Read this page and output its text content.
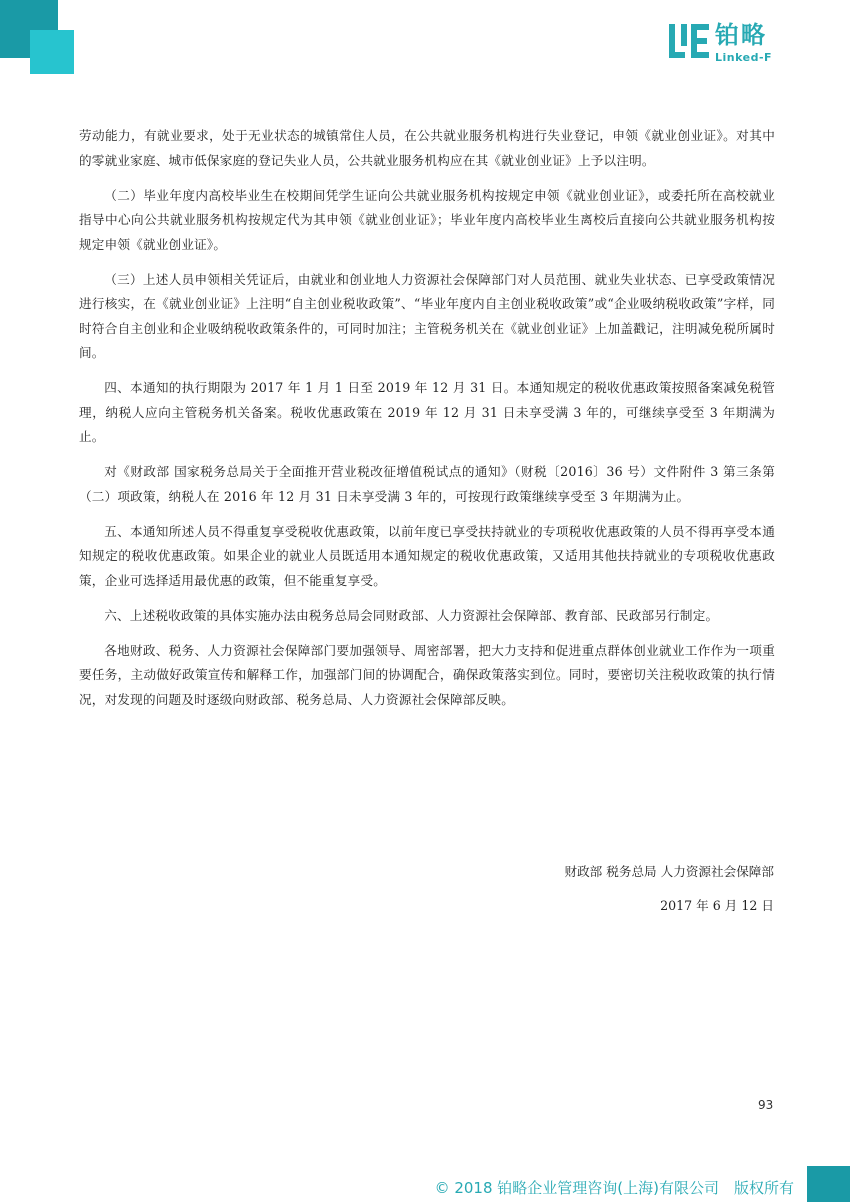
铂略
Linked-F

劳动能力，有就业要求，处于无业状态的城镇常住人员，在公共就业服务机构进行失业登记，申领《就业创业证》。对其中的零就业家庭、城市低保家庭的登记失业人员，公共就业服务机构应在其《就业创业证》上予以注明。

（二）毕业年度内高校毕业生在校期间凭学生证向公共就业服务机构按规定申领《就业创业证》，或委托所在高校就业指导中心向公共就业服务机构按规定代为其申领《就业创业证》；毕业年度内高校毕业生离校后直接向公共就业服务机构按规定申领《就业创业证》。

（三）上述人员申领相关凭证后，由就业和创业地人力资源社会保障部门对人员范围、就业失业状态、已享受政策情况进行核实，在《就业创业证》上注明“自主创业税收政策”、“毕业年度内自主创业税收政策”或“企业吸纳税收政策”字样，同时符合自主创业和企业吸纳税收政策条件的，可同时加注；主管税务机关在《就业创业证》上加盖戳记，注明减免税所属时间。

四、本通知的执行期限为 2017 年 1 月 1 日至 2019 年 12 月 31 日。本通知规定的税收优惠政策按照备案减免税管理，纳税人应向主管税务机关备案。税收优惠政策在 2019 年 12 月 31 日未享受满 3 年的，可继续享受至 3 年期满为止。

对《财政部 国家税务总局关于全面推开营业税改征增值税试点的通知》（财税〔2016〕36 号）文件附件 3 第三条第（二）项政策，纳税人在 2016 年 12 月 31 日未享受满 3 年的，可按现行政策继续享受至 3 年期满为止。

五、本通知所述人员不得重复享受税收优惠政策，以前年度已享受扶持就业的专项税收优惠政策的人员不得再享受本通知规定的税收优惠政策。如果企业的就业人员既适用本通知规定的税收优惠政策，又适用其他扶持就业的专项税收优惠政策，企业可选择适用最优惠的政策，但不能重复享受。

六、上述税收政策的具体实施办法由税务总局会同财政部、人力资源社会保障部、教育部、民政部另行制定。

各地财政、税务、人力资源社会保障部门要加强领导、周密部署，把大力支持和促进重点群体创业就业工作作为一项重要任务，主动做好政策宣传和解释工作，加强部门间的协调配合，确保政策落实到位。同时，要密切关注税收政策的执行情况，对发现的问题及时逐级向财政部、税务总局、人力资源社会保障部反映。

财政部 税务总局 人力资源社会保障部
2017 年 6 月 12 日
93
© 2018 铂略企业管理咨询(上海)有限公司　版权所有
